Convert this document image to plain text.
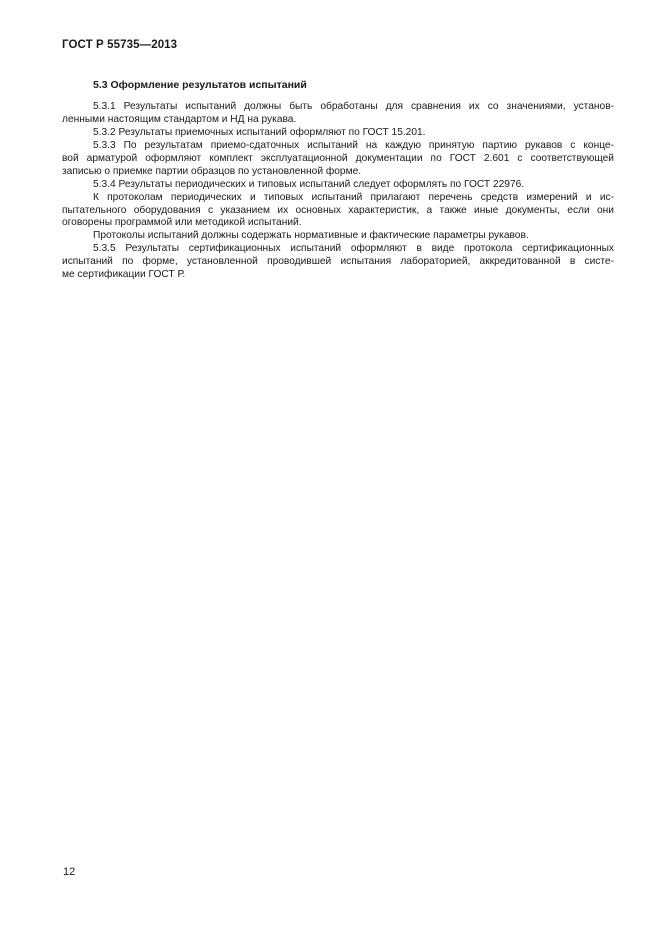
ГОСТ Р 55735—2013
5.3 Оформление результатов испытаний
5.3.1 Результаты испытаний должны быть обработаны для сравнения их со значениями, установ-
ленными настоящим стандартом и НД на рукава.
5.3.2 Результаты приемочных испытаний оформляют по ГОСТ 15.201.
5.3.3 По результатам приемо-сдаточных испытаний на каждую принятую партию рукавов с конце-
вой арматурой оформляют комплект эксплуатационной документации по ГОСТ 2.601 с соответствующей
записью о приемке партии образцов по установленной форме.
5.3.4 Результаты периодических и типовых испытаний следует оформлять по ГОСТ 22976.
К протоколам периодических и типовых испытаний прилагают перечень средств измерений и ис-
пытательного оборудования с указанием их основных характеристик, а также иные документы, если они
оговорены программой или методикой испытаний.
Протоколы испытаний должны содержать нормативные и фактические параметры рукавов.
5.3.5 Результаты сертификационных испытаний оформляют в виде протокола сертификационных
испытаний по форме, установленной проводившей испытания лабораторией, аккредитованной в систе-
ме сертификации ГОСТ Р.
12
